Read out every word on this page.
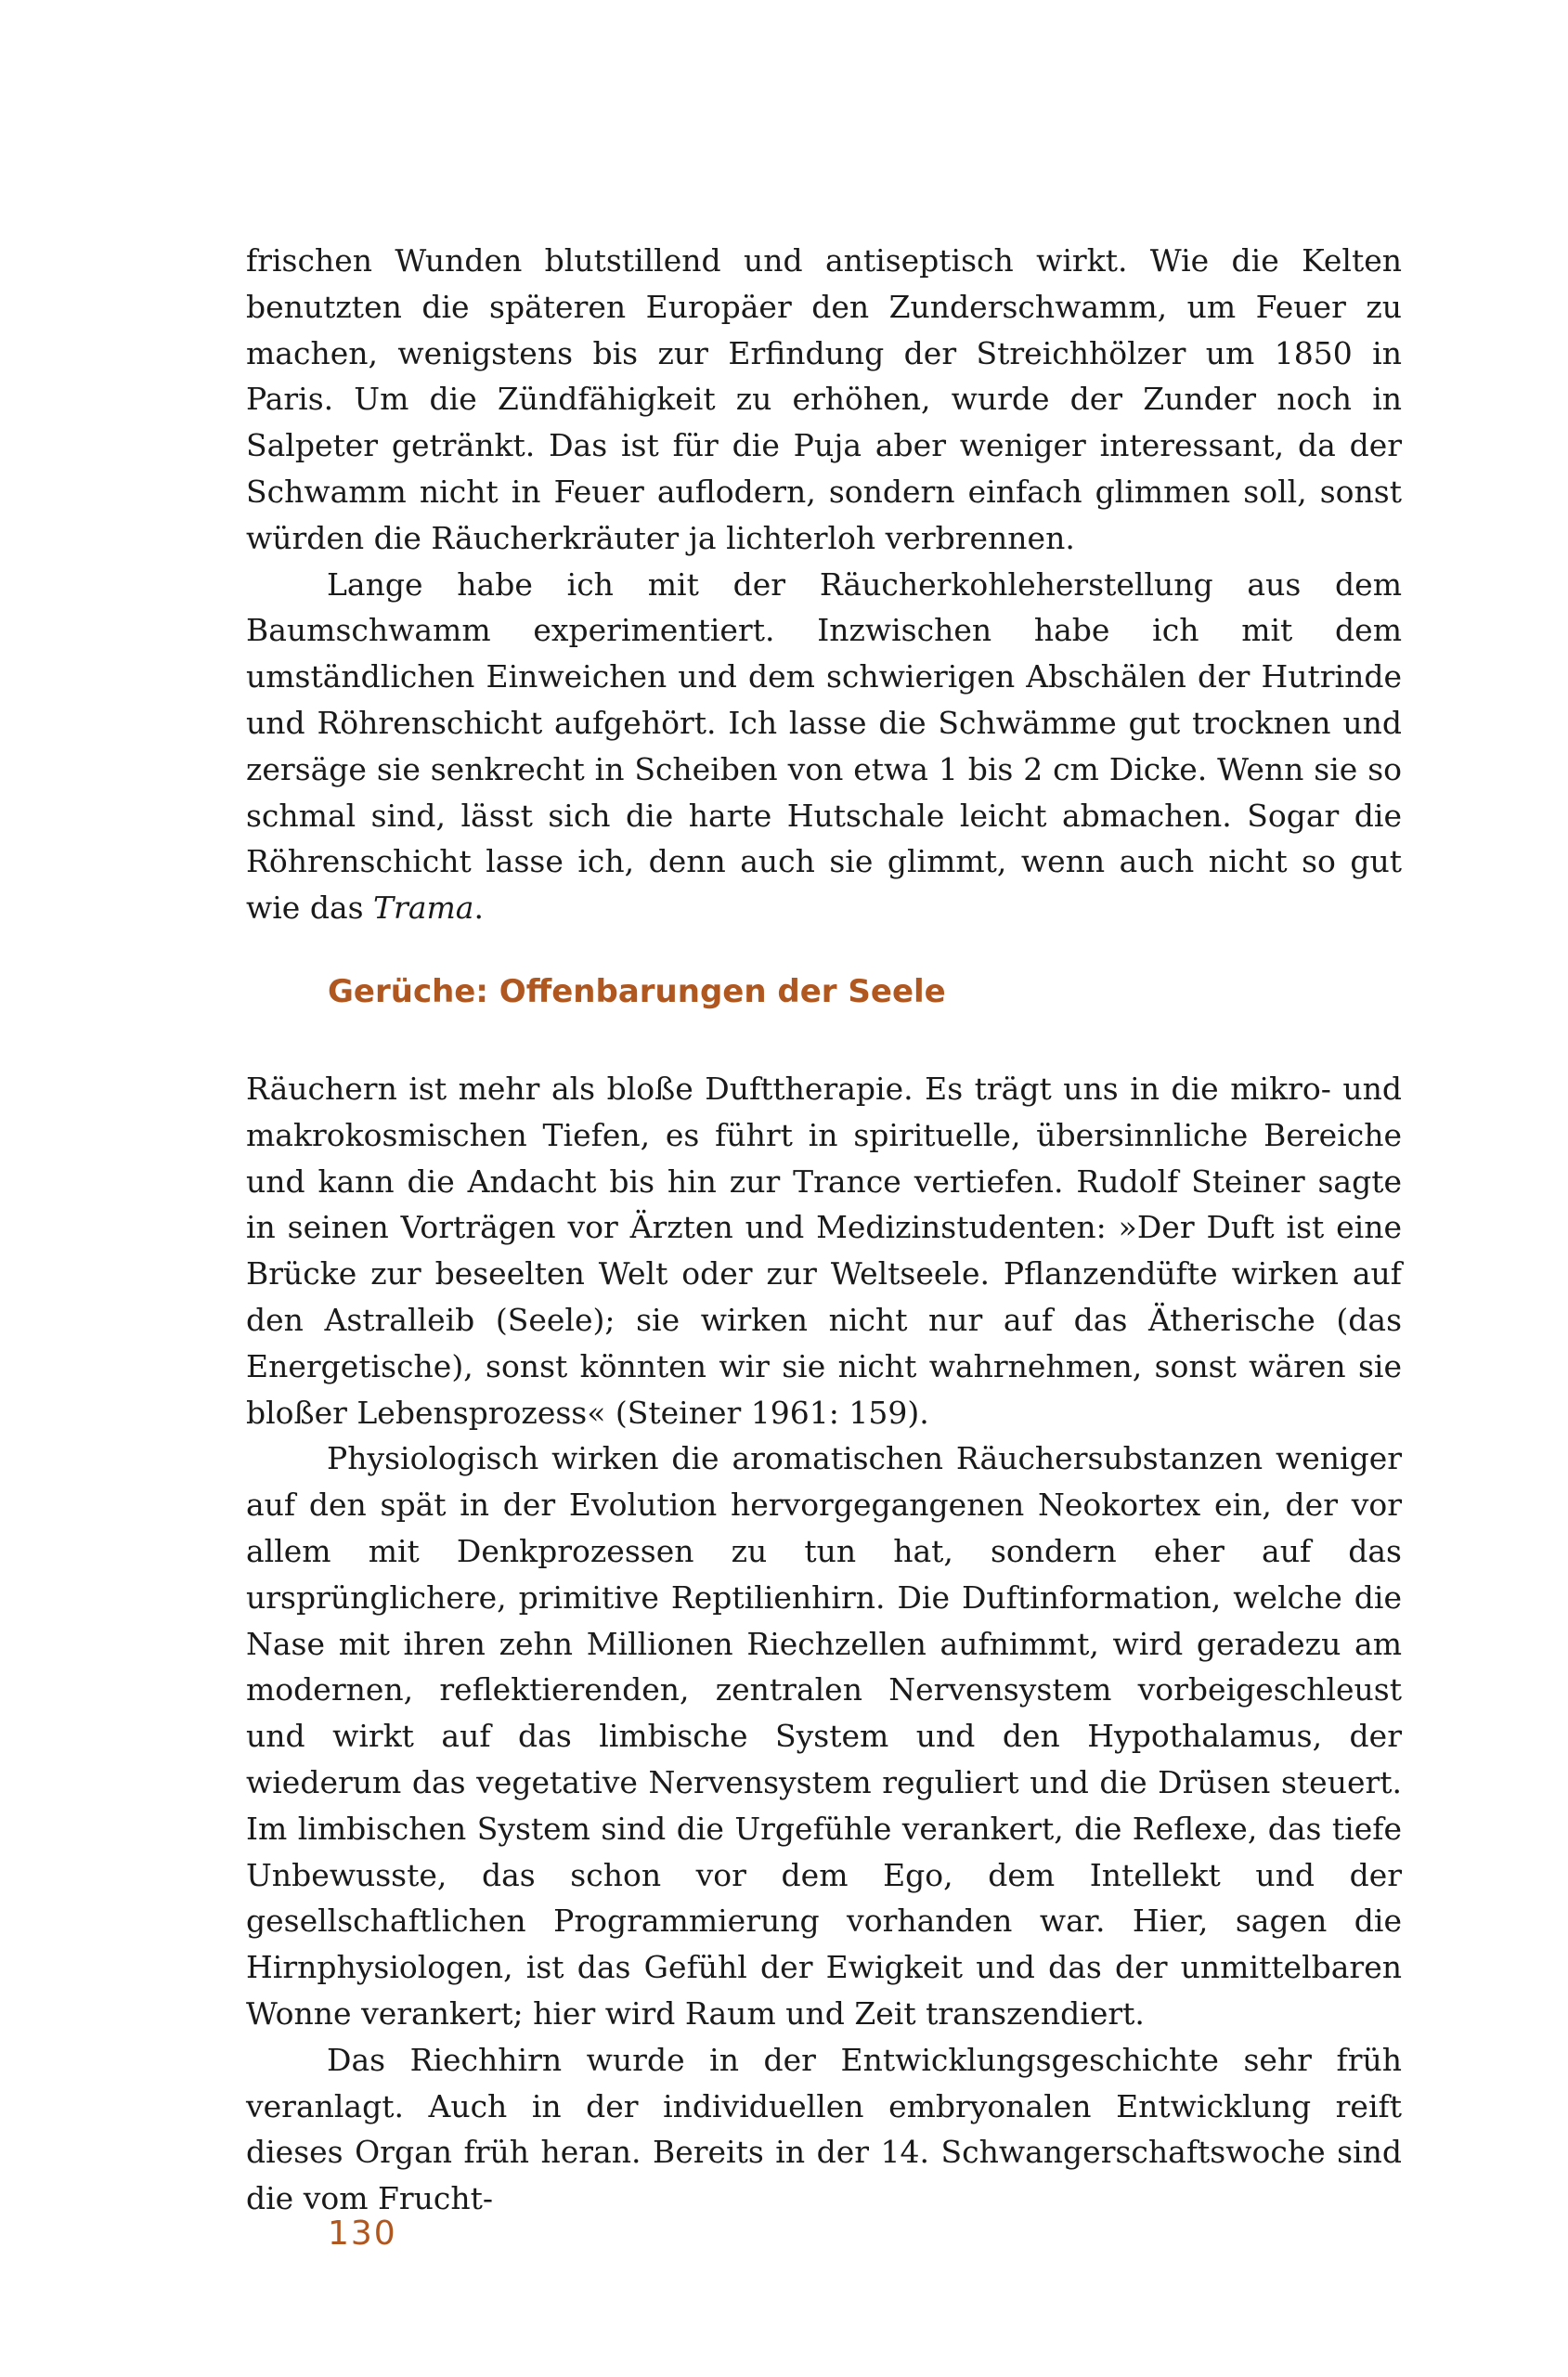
frischen Wunden blutstillend und antiseptisch wirkt. Wie die Kelten benutzten die späteren Europäer den Zunderschwamm, um Feuer zu machen, wenigstens bis zur Erfindung der Streichhölzer um 1850 in Paris. Um die Zündfähigkeit zu erhöhen, wurde der Zunder noch in Salpeter getränkt. Das ist für die Puja aber weniger interessant, da der Schwamm nicht in Feuer auflodern, sondern einfach glimmen soll, sonst würden die Räucherkräuter ja lichterloh verbrennen.

Lange habe ich mit der Räucherkohleherstellung aus dem Baumschwamm experimentiert. Inzwischen habe ich mit dem umständlichen Einweichen und dem schwierigen Abschälen der Hutrinde und Röhrenschicht aufgehört. Ich lasse die Schwämme gut trocknen und zersäge sie senkrecht in Scheiben von etwa 1 bis 2 cm Dicke. Wenn sie so schmal sind, lässt sich die harte Hutschale leicht abmachen. Sogar die Röhrenschicht lasse ich, denn auch sie glimmt, wenn auch nicht so gut wie das Trama.

Gerüche: Offenbarungen der Seele

Räuchern ist mehr als bloße Dufttherapie. Es trägt uns in die mikro- und makrokosmischen Tiefen, es führt in spirituelle, übersinnliche Bereiche und kann die Andacht bis hin zur Trance vertiefen. Rudolf Steiner sagte in seinen Vorträgen vor Ärzten und Medizinstudenten: »Der Duft ist eine Brücke zur beseelten Welt oder zur Weltseele. Pflanzendüfte wirken auf den Astralleib (Seele); sie wirken nicht nur auf das Ätherische (das Energetische), sonst könnten wir sie nicht wahrnehmen, sonst wären sie bloßer Lebensprozess« (Steiner 1961: 159).

Physiologisch wirken die aromatischen Räuchersubstanzen weniger auf den spät in der Evolution hervorgegangenen Neokortex ein, der vor allem mit Denkprozessen zu tun hat, sondern eher auf das ursprünglichere, primitive Reptilienhirn. Die Duftinformation, welche die Nase mit ihren zehn Millionen Riechzellen aufnimmt, wird geradezu am modernen, reflektierenden, zentralen Nervensystem vorbeigeschleust und wirkt auf das limbische System und den Hypothalamus, der wiederum das vegetative Nervensystem reguliert und die Drüsen steuert. Im limbischen System sind die Urgefühle verankert, die Reflexe, das tiefe Unbewusste, das schon vor dem Ego, dem Intellekt und der gesellschaftlichen Programmierung vorhanden war. Hier, sagen die Hirnphysiologen, ist das Gefühl der Ewigkeit und das der unmittelbaren Wonne verankert; hier wird Raum und Zeit transzendiert.

Das Riechhirn wurde in der Entwicklungsgeschichte sehr früh veranlagt. Auch in der individuellen embryonalen Entwicklung reift dieses Organ früh heran. Bereits in der 14. Schwangerschaftswoche sind die vom Frucht-

130
